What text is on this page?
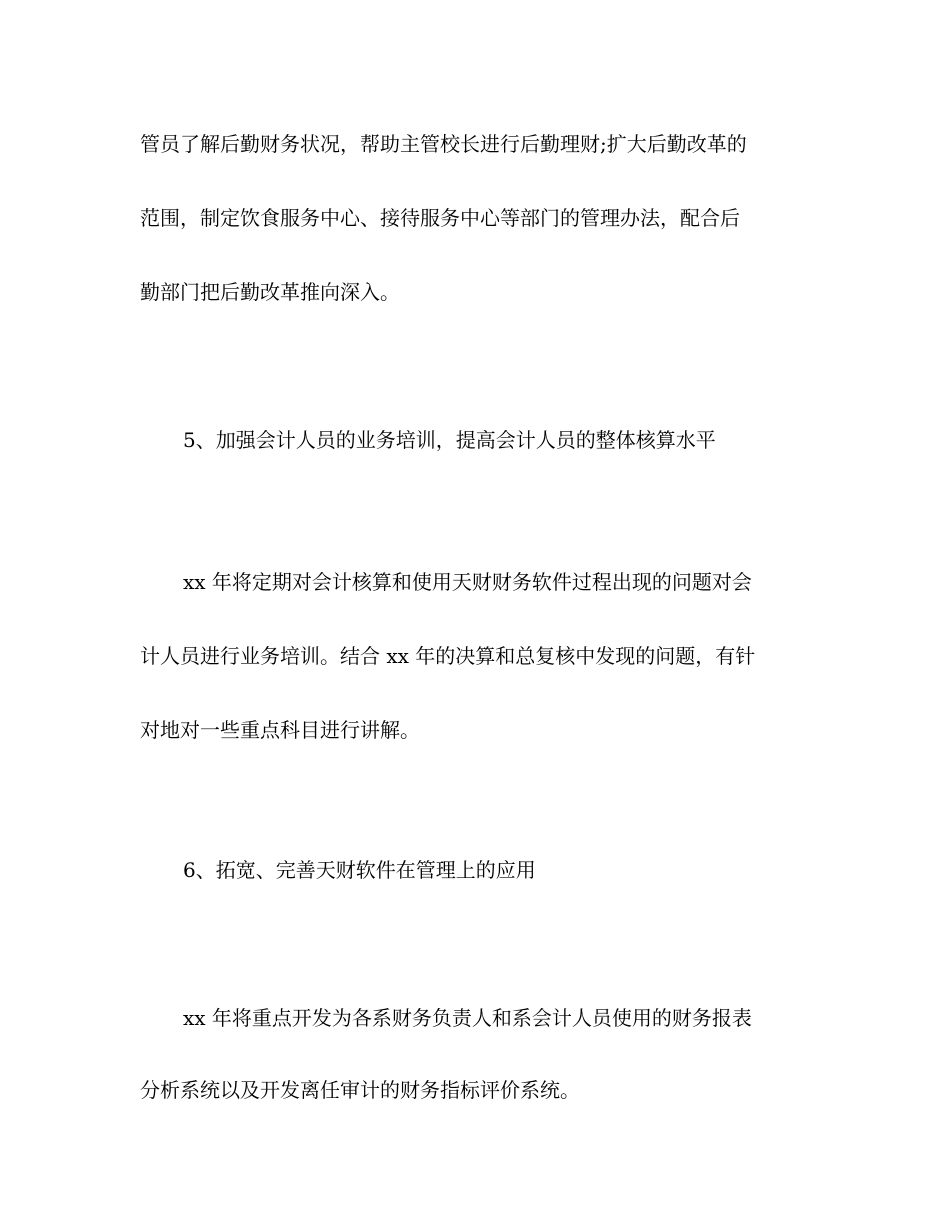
管员了解后勤财务状况，帮助主管校长进行后勤理财;扩大后勤改革的
范围，制定饮食服务中心、接待服务中心等部门的管理办法，配合后
勤部门把后勤改革推向深入。
5、加强会计人员的业务培训，提高会计人员的整体核算水平
xx 年将定期对会计核算和使用天财财务软件过程出现的问题对会
计人员进行业务培训。结合 xx 年的决算和总复核中发现的问题，有针
对地对一些重点科目进行讲解。
6、拓宽、完善天财软件在管理上的应用
xx 年将重点开发为各系财务负责人和系会计人员使用的财务报表
分析系统以及开发离任审计的财务指标评价系统。
